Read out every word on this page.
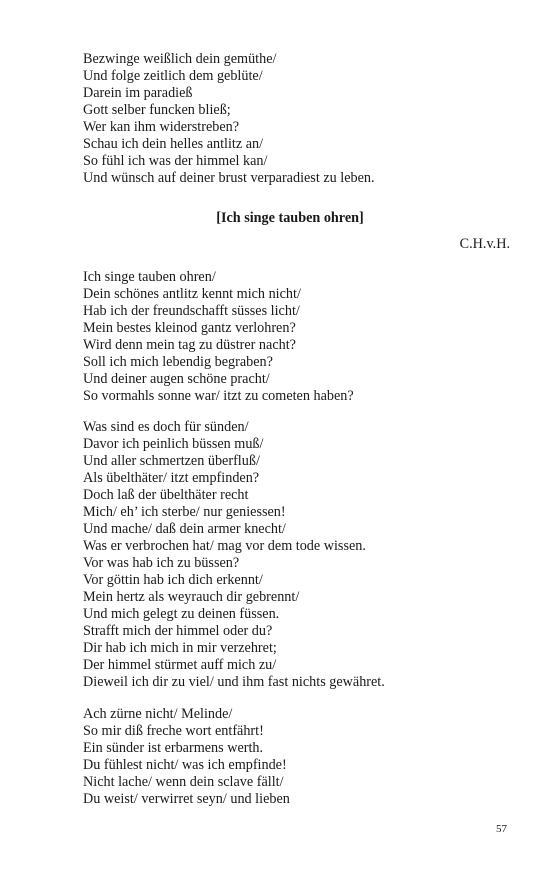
Bezwinge weißlich dein gemüthe/
Und folge zeitlich dem geblüte/
Darein im paradieß
Gott selber funcken bließ;
Wer kan ihm widerstreben?
Schau ich dein helles antlitz an/
So fühl ich was der himmel kan/
Und wünsch auf deiner brust verparadiest zu leben.
[Ich singe tauben ohren]
C.H.v.H.
Ich singe tauben ohren/
Dein schönes antlitz kennt mich nicht/
Hab ich der freundschafft süsses licht/
Mein bestes kleinod gantz verlohren?
Wird denn mein tag zu düstrer nacht?
Soll ich mich lebendig begraben?
Und deiner augen schöne pracht/
So vormahls sonne war/ itzt zu cometen haben?
Was sind es doch für sünden/
Davor ich peinlich büssen muß/
Und aller schmertzen überfluß/
Als übelthäter/ itzt empfinden?
Doch laß der übelthäter recht
Mich/ eh’ ich sterbe/ nur geniessen!
Und mache/ daß dein armer knecht/
Was er verbrochen hat/ mag vor dem tode wissen.
Vor was hab ich zu büssen?
Vor göttin hab ich dich erkennt/
Mein hertz als weyrauch dir gebrennt/
Und mich gelegt zu deinen füssen.
Strafft mich der himmel oder du?
Dir hab ich mich in mir verzehret;
Der himmel stürmet auff mich zu/
Dieweil ich dir zu viel/ und ihm fast nichts gewähret.
Ach zürne nicht/ Melinde/
So mir diß freche wort entfährt!
Ein sünder ist erbarmens werth.
Du fühlest nicht/ was ich empfinde!
Nicht lache/ wenn dein sclave fällt/
Du weist/ verwirret seyn/ und lieben
57
